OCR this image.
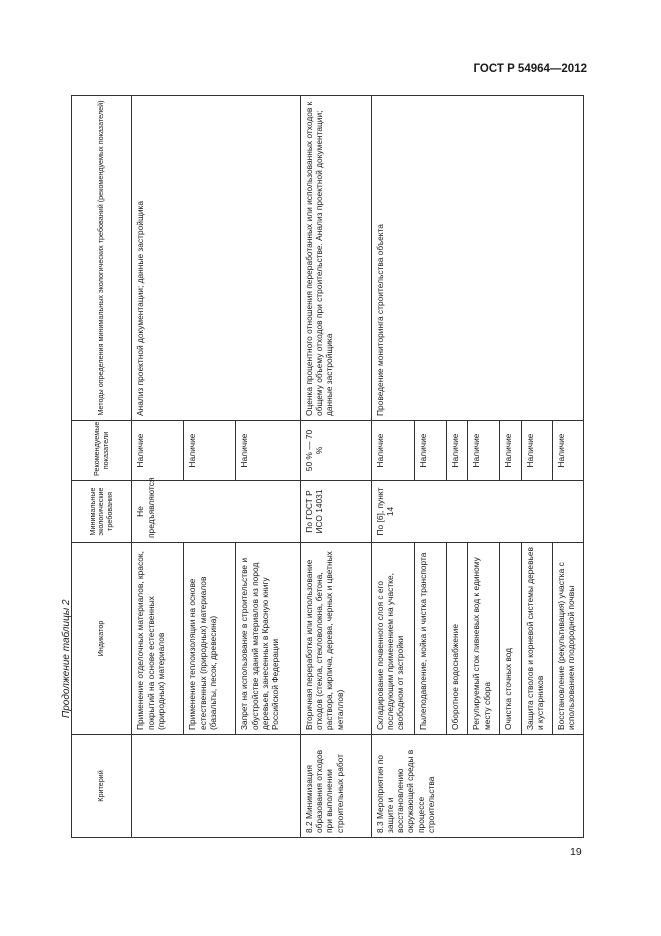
ГОСТ Р 54964—2012
Продолжение таблицы 2
Критерий	Индикатор	Минимальные экологические требования	Рекомендуемые показатели	Методы определения минимальных экологических требований (рекомендуемых показателей)
	Применение отделочных материалов, красок, покрытий на основе естественных (природных) материалов	Не предъявляются	Наличие	Анализ проектной документации; данные застройщика
	Применение теплоизоляции на основе естественных (природных) материалов (базальты, песок, древесина)		Наличие	
	Запрет на использование в строительстве и обустройстве зданий материалов из пород деревьев, занесенных в Красную книгу Российской Федерации		Наличие	
8.2 Минимизация образования отходов при выполнении строительных работ	Вторичная переработка или использование отходов (стекла, стекловолокна, бетона, раствора, кирпича, дерева, черных и цветных металлов)	По ГОСТ Р ИСО 14031	50 % — 70 %	Оценка процентного отношения переработанных или использованных отходов к общему объему отходов при строительстве. Анализ проектной документации; данные застройщика
8.3 Мероприятия по защите и восстановлению окружающей среды в процессе строительства	Складирование почвенного слоя с его последующим применением на участке, свободном от застройки	По [6], пункт 14	Наличие	Проведение мониторинга строительства объекта
	Пылеподавление, мойка и чистка транспорта		Наличие	
	Оборотное водоснабжение		Наличие	
	Регулируемый сток ливневых вод к единому месту сбора		Наличие	
	Очистка сточных вод		Наличие	
	Защита стволов и корневой системы деревьев и кустарников		Наличие	
	Восстановление (рекультивация) участка с использованием плодородной почвы		Наличие	
19
